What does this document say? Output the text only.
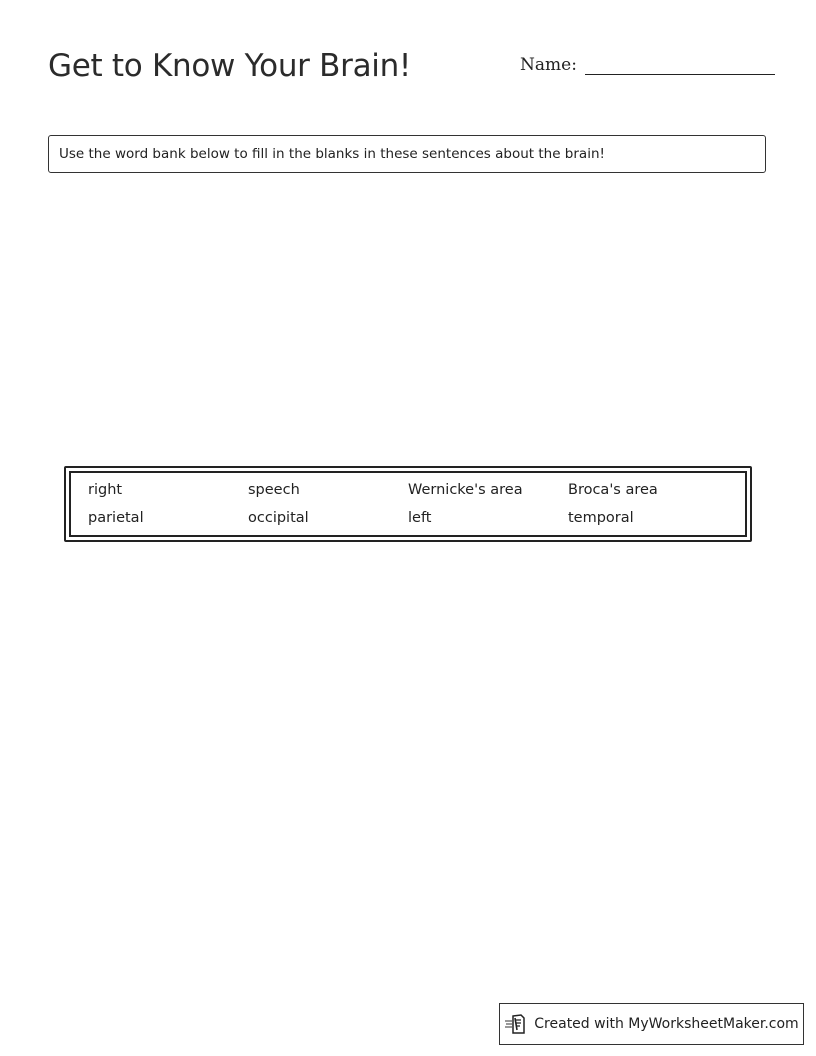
Get to Know Your Brain!	Name:
Use the word bank below to fill in the blanks in these sentences about the brain!
right	speech	Wernicke's area	Broca's area
parietal	occipital	left	temporal
Created with MyWorksheetMaker.com
